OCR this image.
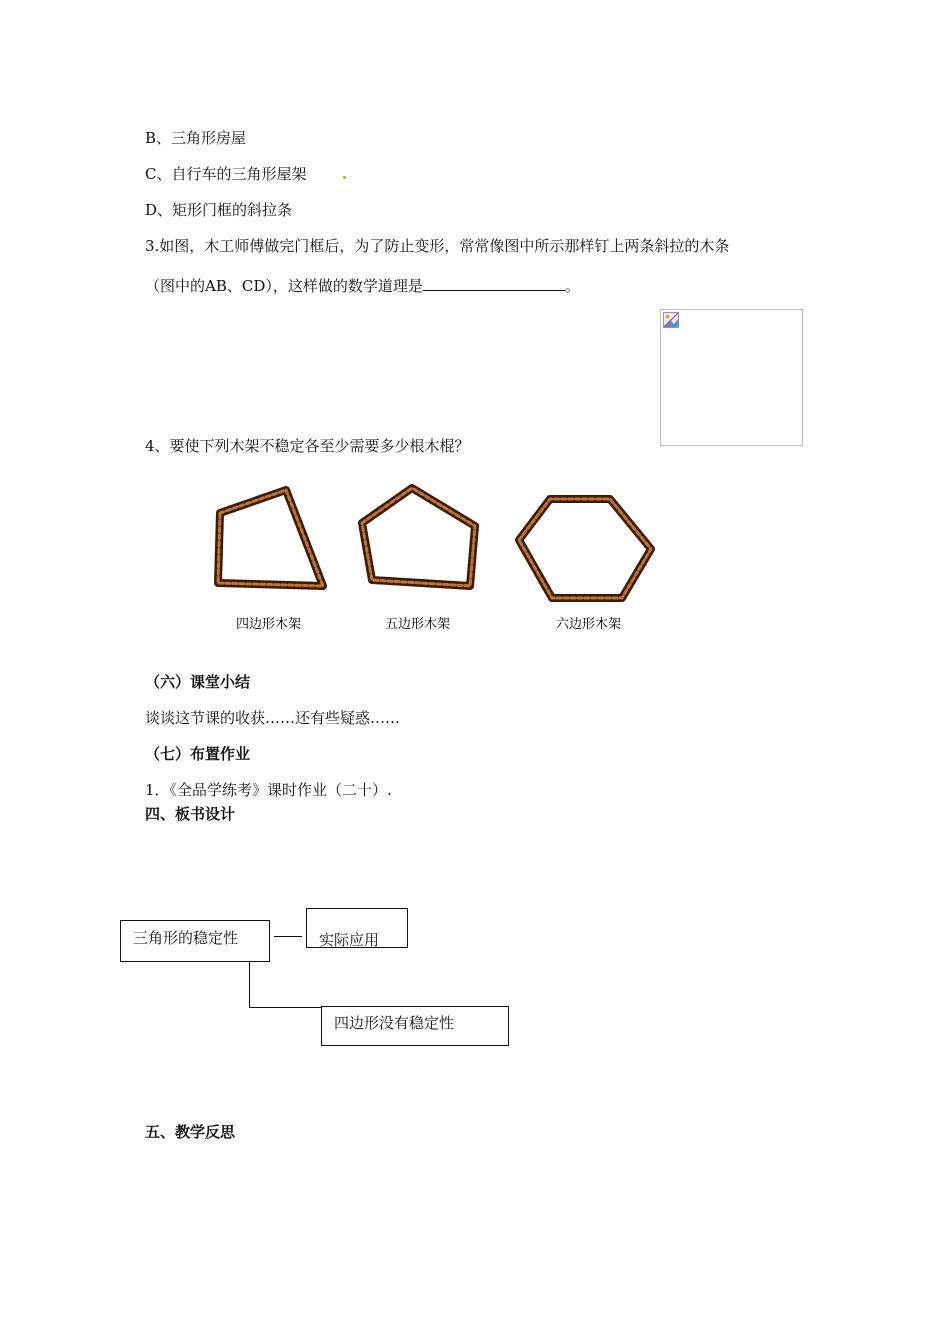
B、三角形房屋
C、自行车的三角形屋架
D、矩形门框的斜拉条
3.如图，木工师傅做完门框后，为了防止变形，常常像图中所示那样钉上两条斜拉的木条
（图中的AB、CD），这样做的数学道理是	。
4、要使下列木架不稳定各至少需要多少根木棍？
四边形木架	五边形木架	六边形木架
（六）课堂小结
谈谈这节课的收获……还有些疑惑……
（七）布置作业
1．《全品学练考》课时作业（二十）.
四、板书设计
三角形的稳定性	实际应用
四边形没有稳定性
五、教学反思
